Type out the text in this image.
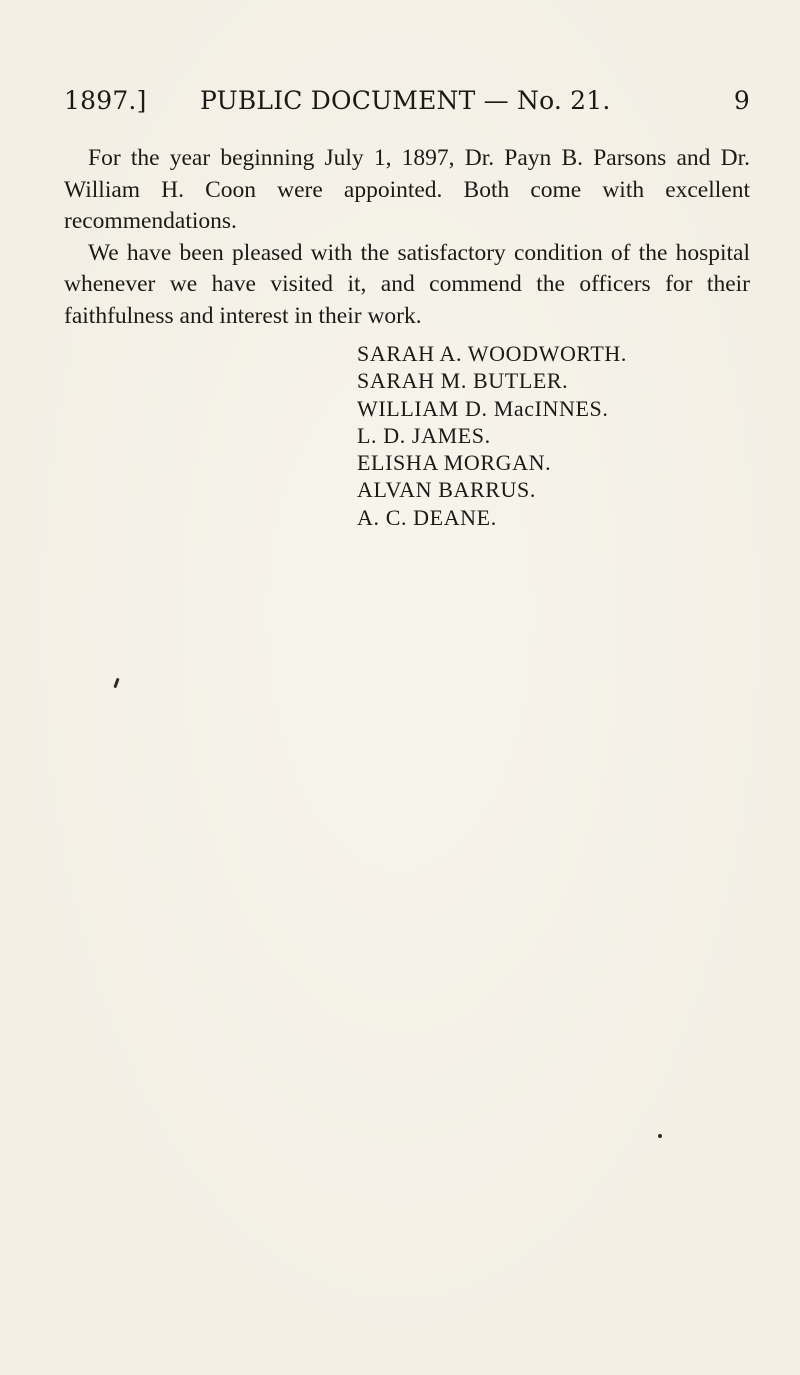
1897.] PUBLIC DOCUMENT — No. 21.	9

For the year beginning July 1, 1897, Dr. Payn B. Parsons and Dr. William H. Coon were appointed. Both come with excellent recommendations.

We have been pleased with the satisfactory condition of the hospital whenever we have visited it, and commend the officers for their faithfulness and interest in their work.

SARAH A. WOODWORTH.
SARAH M. BUTLER.
WILLIAM D. MacINNES.
L. D. JAMES.
ELISHA MORGAN.
ALVAN BARRUS.
A. C. DEANE.
